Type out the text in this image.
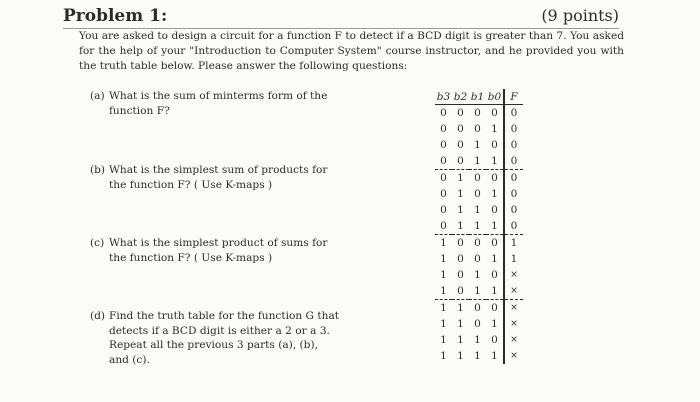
Problem 1:	(9 points)
You are asked to design a circuit for a function F to detect if a BCD digit is greater than 7. You asked for the help of your "Introduction to Computer System" course instructor, and he provided you with the truth table below. Please answer the following questions:
(a) What is the sum of minterms form of the
function F?
(b) What is the simplest sum of products for
the function F? ( Use K-maps )
(c) What is the simplest product of sums for
the function F? ( Use K-maps )
(d) Find the truth table for the function G that
detects if a BCD digit is either a 2 or a 3.
Repeat all the previous 3 parts (a), (b),
and (c).
b3	b2	b1	b0	F
0	0	0	0	0
0	0	0	1	0
0	0	1	0	0
0	0	1	1	0
0	1	0	0	0
0	1	0	1	0
0	1	1	0	0
0	1	1	1	0
1	0	0	0	1
1	0	0	1	1
1	0	1	0	×
1	0	1	1	×
1	1	0	0	×
1	1	0	1	×
1	1	1	0	×
1	1	1	1	×
